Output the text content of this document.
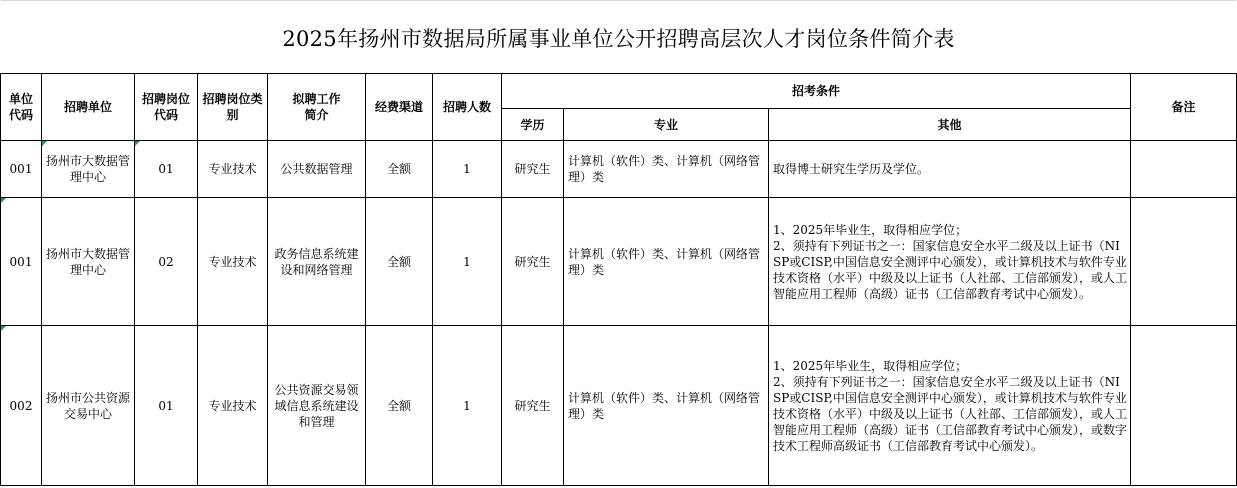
2025年扬州市数据局所属事业单位公开招聘高层次人才岗位条件简介表
单位代码	招聘单位	招聘岗位代码	招聘岗位类别	拟聘工作简介	经费渠道	招聘人数	招考条件			备注
							学历	专业	其他	
001	扬州市大数据管理中心	01	专业技术	公共数据管理	全额	1	研究生	计算机（软件）类、计算机（网络管理）类	取得博士研究生学历及学位。	

001	扬州市大数据管理中心	02	专业技术	政务信息系统建设和网络管理	全额	1	研究生	计算机（软件）类、计算机（网络管理）类	1、2025年毕业生，取得相应学位；
2、须持有下列证书之一：国家信息安全水平二级及以上证书（NISP或CISP,中国信息安全测评中心颁发），或计算机技术与软件专业技术资格（水平）中级及以上证书（人社部、工信部颁发），或人工智能应用工程师（高级）证书（工信部教育考试中心颁发）。	

002	扬州市公共资源交易中心	01	专业技术	公共资源交易领域信息系统建设和管理	全额	1	研究生	计算机（软件）类、计算机（网络管理）类	1、2025年毕业生，取得相应学位；
2、须持有下列证书之一：国家信息安全水平二级及以上证书（NISP或CISP,中国信息安全测评中心颁发），或计算机技术与软件专业技术资格（水平）中级及以上证书（人社部、工信部颁发），或人工智能应用工程师（高级）证书（工信部教育考试中心颁发），或数字技术工程师高级证书（工信部教育考试中心颁发）。	
